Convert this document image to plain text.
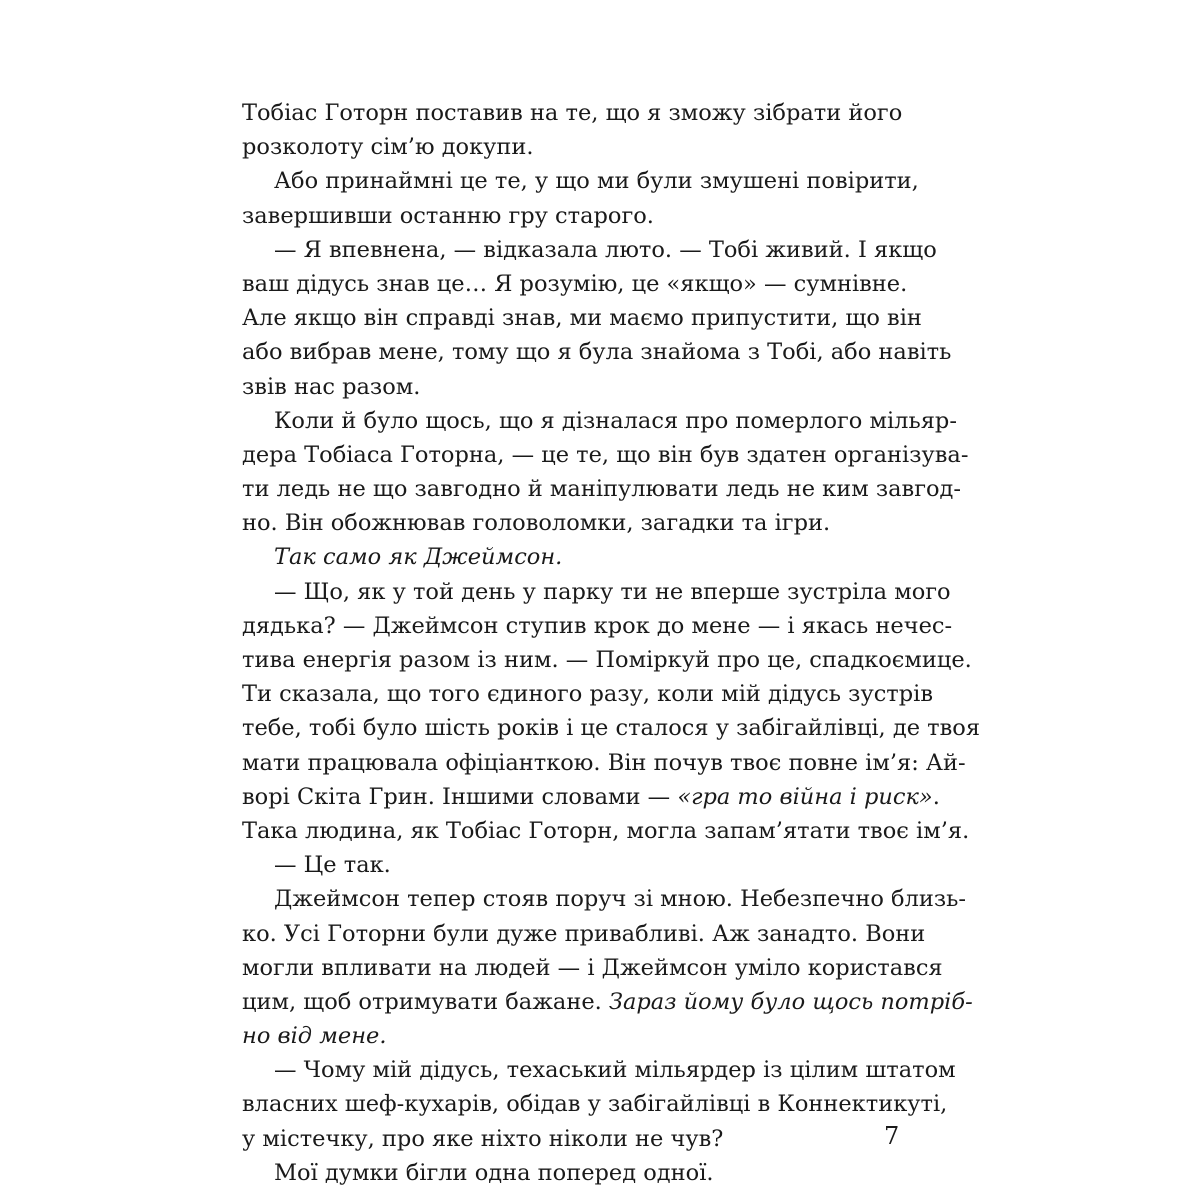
Тобіас Готорн поставив на те, що я зможу зібрати його
розколоту сім’ю докупи.
Або принаймні це те, у що ми були змушені повірити,
завершивши останню гру старого.
— Я впевнена, — відказала люто. — Тобі живий. І якщо
ваш дідусь знав це… Я розумію, це «якщо» — сумнівне.
Але якщо він справді знав, ми маємо припустити, що він
або вибрав мене, тому що я була знайома з Тобі, або навіть
звів нас разом.
Коли й було щось, що я дізналася про померлого мільяр-
дера Тобіаса Готорна, — це те, що він був здатен організува-
ти ледь не що завгодно й маніпулювати ледь не ким завгод-
но. Він обожнював головоломки, загадки та ігри.
Так само як Джеймсон.
— Що, як у той день у парку ти не вперше зустріла мого
дядька? — Джеймсон ступив крок до мене — і якась нечес-
тива енергія разом із ним. — Поміркуй про це, спадкоємице.
Ти сказала, що того єдиного разу, коли мій дідусь зустрів
тебе, тобі було шість років і це сталося у забігайлівці, де твоя
мати працювала офіціанткою. Він почув твоє повне ім’я: Ай-
ворі Скіта Грин. Іншими словами — «гра то війна і риск».
Така людина, як Тобіас Готорн, могла запам’ятати твоє ім’я.
— Це так.
Джеймсон тепер стояв поруч зі мною. Небезпечно близь-
ко. Усі Готорни були дуже привабливі. Аж занадто. Вони
могли впливати на людей — і Джеймсон уміло користався
цим, щоб отримувати бажане. Зараз йому було щось потріб-
но від мене.
— Чому мій дідусь, техаський мільярдер із цілим штатом
власних шеф-кухарів, обідав у забігайлівці в Коннектикуті,
у містечку, про яке ніхто ніколи не чув?
Мої думки бігли одна поперед одної.
7
